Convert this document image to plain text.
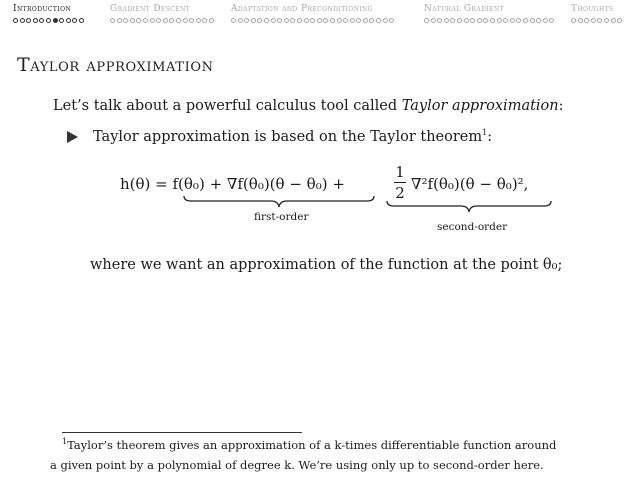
Introduction	Gradient Descent	Adaptation and Preconditioning	Natural Gradient	Thoughts
Taylor approximation
Let’s talk about a powerful calculus tool called Taylor approximation:
Taylor approximation is based on the Taylor theorem$^1$:
h(θ) = f(θ₀) + ∇f(θ₀)(θ − θ₀) +
1
2 ∇²f(θ₀)(θ − θ₀)²,
first-order
second-order
where we want an approximation of the function at the point θ₀;
$^1$Taylor’s theorem gives an approximation of a k-times differentiable function around
a given point by a polynomial of degree k. We’re using only up to second-order here.
